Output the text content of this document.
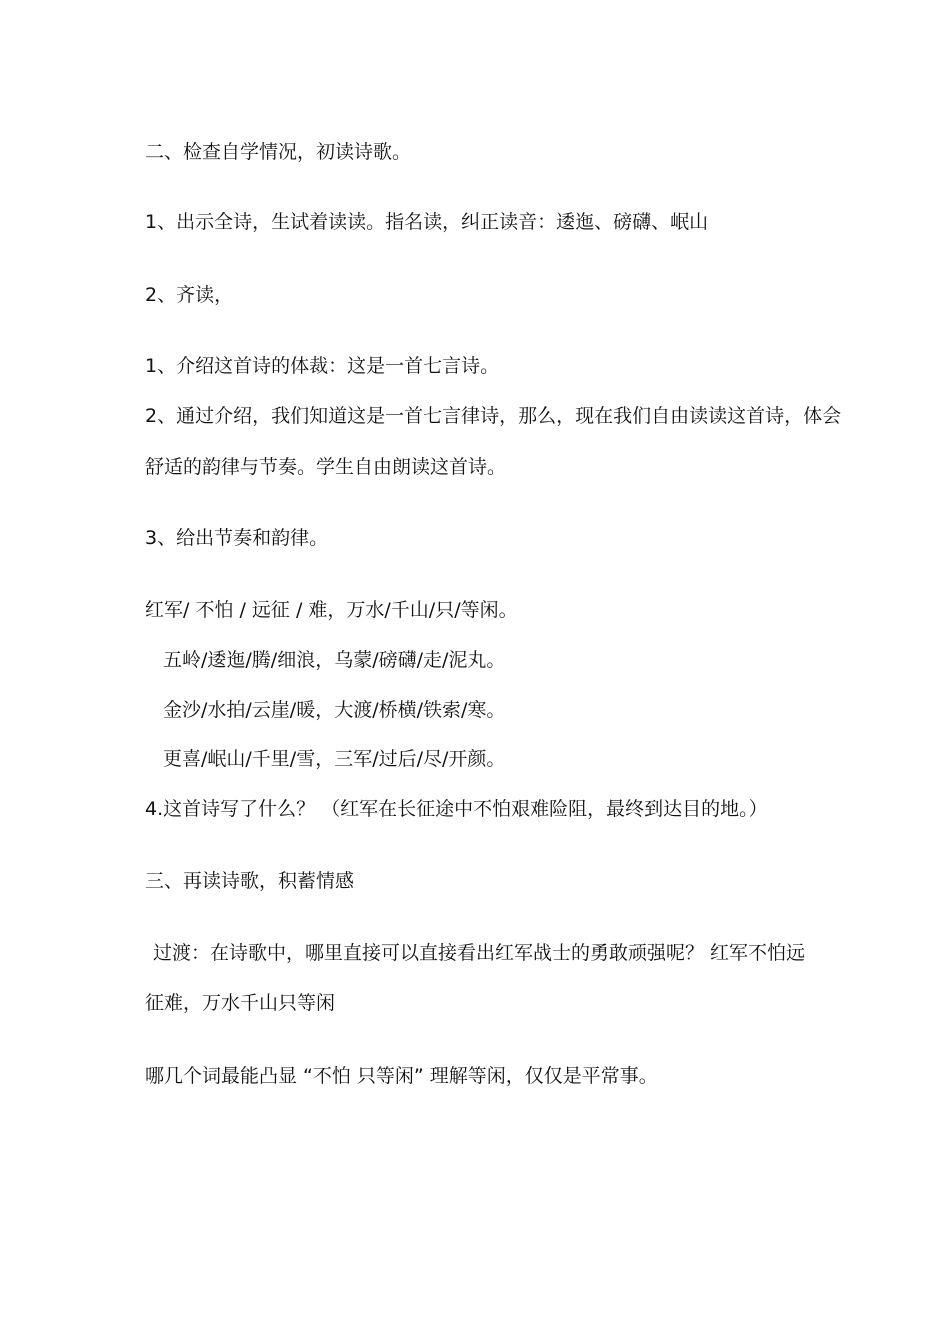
二、检查自学情况，初读诗歌。
1、出示全诗，生试着读读。指名读，纠正读音：逶迤、磅礴、岷山
2、齐读，
1、介绍这首诗的体裁：这是一首七言诗。
2、通过介绍，我们知道这是一首七言律诗，那么，现在我们自由读读这首诗，体会
舒适的韵律与节奏。学生自由朗读这首诗。
3、给出节奏和韵律。
红军/ 不怕 / 远征 / 难，万水/千山/只/等闲。
五岭/逶迤/腾/细浪，乌蒙/磅礴/走/泥丸。
金沙/水拍/云崖/暖，大渡/桥横/铁索/寒。
更喜/岷山/千里/雪，三军/过后/尽/开颜。
4.这首诗写了什么？ （红军在长征途中不怕艰难险阻，最终到达目的地。）
三、再读诗歌，积蓄情感
过渡：在诗歌中，哪里直接可以直接看出红军战士的勇敢顽强呢？ 红军不怕远
征难，万水千山只等闲
哪几个词最能凸显 “不怕 只等闲” 理解等闲，仅仅是平常事。
